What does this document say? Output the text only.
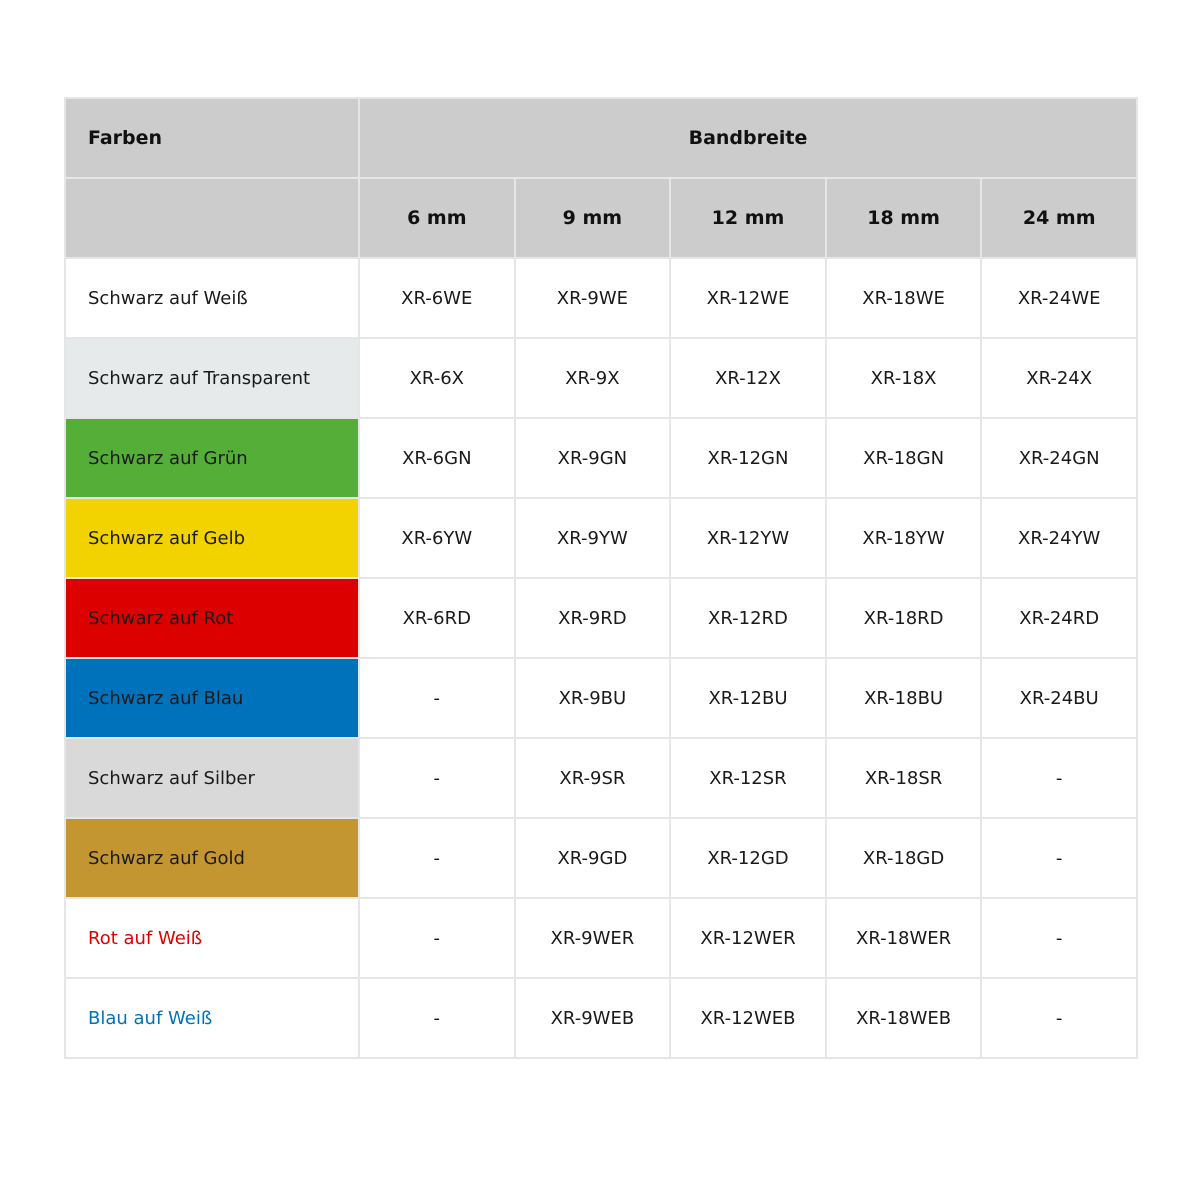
Farben	Bandbreite				
	6 mm	9 mm	12 mm	18 mm	24 mm
Schwarz auf Weiß	XR-6WE	XR-9WE	XR-12WE	XR-18WE	XR-24WE
Schwarz auf Transparent	XR-6X	XR-9X	XR-12X	XR-18X	XR-24X
Schwarz auf Grün	XR-6GN	XR-9GN	XR-12GN	XR-18GN	XR-24GN
Schwarz auf Gelb	XR-6YW	XR-9YW	XR-12YW	XR-18YW	XR-24YW
Schwarz auf Rot	XR-6RD	XR-9RD	XR-12RD	XR-18RD	XR-24RD
Schwarz auf Blau	-	XR-9BU	XR-12BU	XR-18BU	XR-24BU
Schwarz auf Silber	-	XR-9SR	XR-12SR	XR-18SR	-
Schwarz auf Gold	-	XR-9GD	XR-12GD	XR-18GD	-
Rot auf Weiß	-	XR-9WER	XR-12WER	XR-18WER	-
Blau auf Weiß	-	XR-9WEB	XR-12WEB	XR-18WEB	-
